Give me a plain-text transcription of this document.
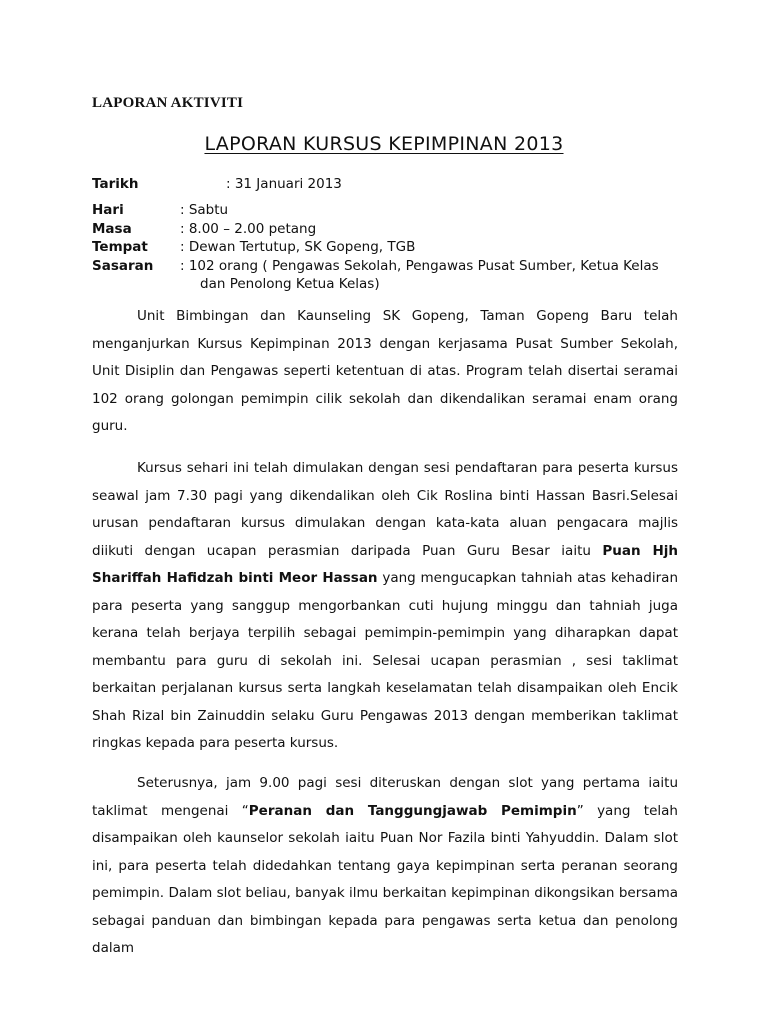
LAPORAN AKTIVITI
LAPORAN KURSUS KEPIMPINAN 2013
Tarikh	: 31 Januari 2013
Hari	: Sabtu
Masa	: 8.00 – 2.00 petang
Tempat : Dewan Tertutup, SK Gopeng, TGB
Sasaran : 102 orang ( Pengawas Sekolah, Pengawas Pusat Sumber, Ketua Kelas
dan Penolong Ketua Kelas)

Unit Bimbingan dan Kaunseling SK Gopeng, Taman Gopeng Baru telah menganjurkan Kursus Kepimpinan 2013 dengan kerjasama Pusat Sumber Sekolah, Unit Disiplin dan Pengawas seperti ketentuan di atas. Program telah disertai seramai 102 orang golongan pemimpin cilik sekolah dan dikendalikan seramai enam orang guru.

Kursus sehari ini telah dimulakan dengan sesi pendaftaran para peserta kursus seawal jam 7.30 pagi yang dikendalikan oleh Cik Roslina binti Hassan Basri.Selesai urusan pendaftaran kursus dimulakan dengan kata-kata aluan pengacara majlis diikuti dengan ucapan perasmian daripada Puan Guru Besar iaitu Puan Hjh Shariffah Hafidzah binti Meor Hassan yang mengucapkan tahniah atas kehadiran para peserta yang sanggup mengorbankan cuti hujung minggu dan tahniah juga kerana telah berjaya terpilih sebagai pemimpin-pemimpin yang diharapkan dapat membantu para guru di sekolah ini. Selesai ucapan perasmian , sesi taklimat berkaitan perjalanan kursus serta langkah keselamatan telah disampaikan oleh Encik Shah Rizal bin Zainuddin selaku Guru Pengawas 2013 dengan memberikan taklimat ringkas kepada para peserta kursus.

Seterusnya, jam 9.00 pagi sesi diteruskan dengan slot yang pertama iaitu taklimat mengenai “Peranan dan Tanggungjawab Pemimpin” yang telah disampaikan oleh kaunselor sekolah iaitu Puan Nor Fazila binti Yahyuddin. Dalam slot ini, para peserta telah didedahkan tentang gaya kepimpinan serta peranan seorang pemimpin. Dalam slot beliau, banyak ilmu berkaitan kepimpinan dikongsikan bersama sebagai panduan dan bimbingan kepada para pengawas serta ketua dan penolong dalam
